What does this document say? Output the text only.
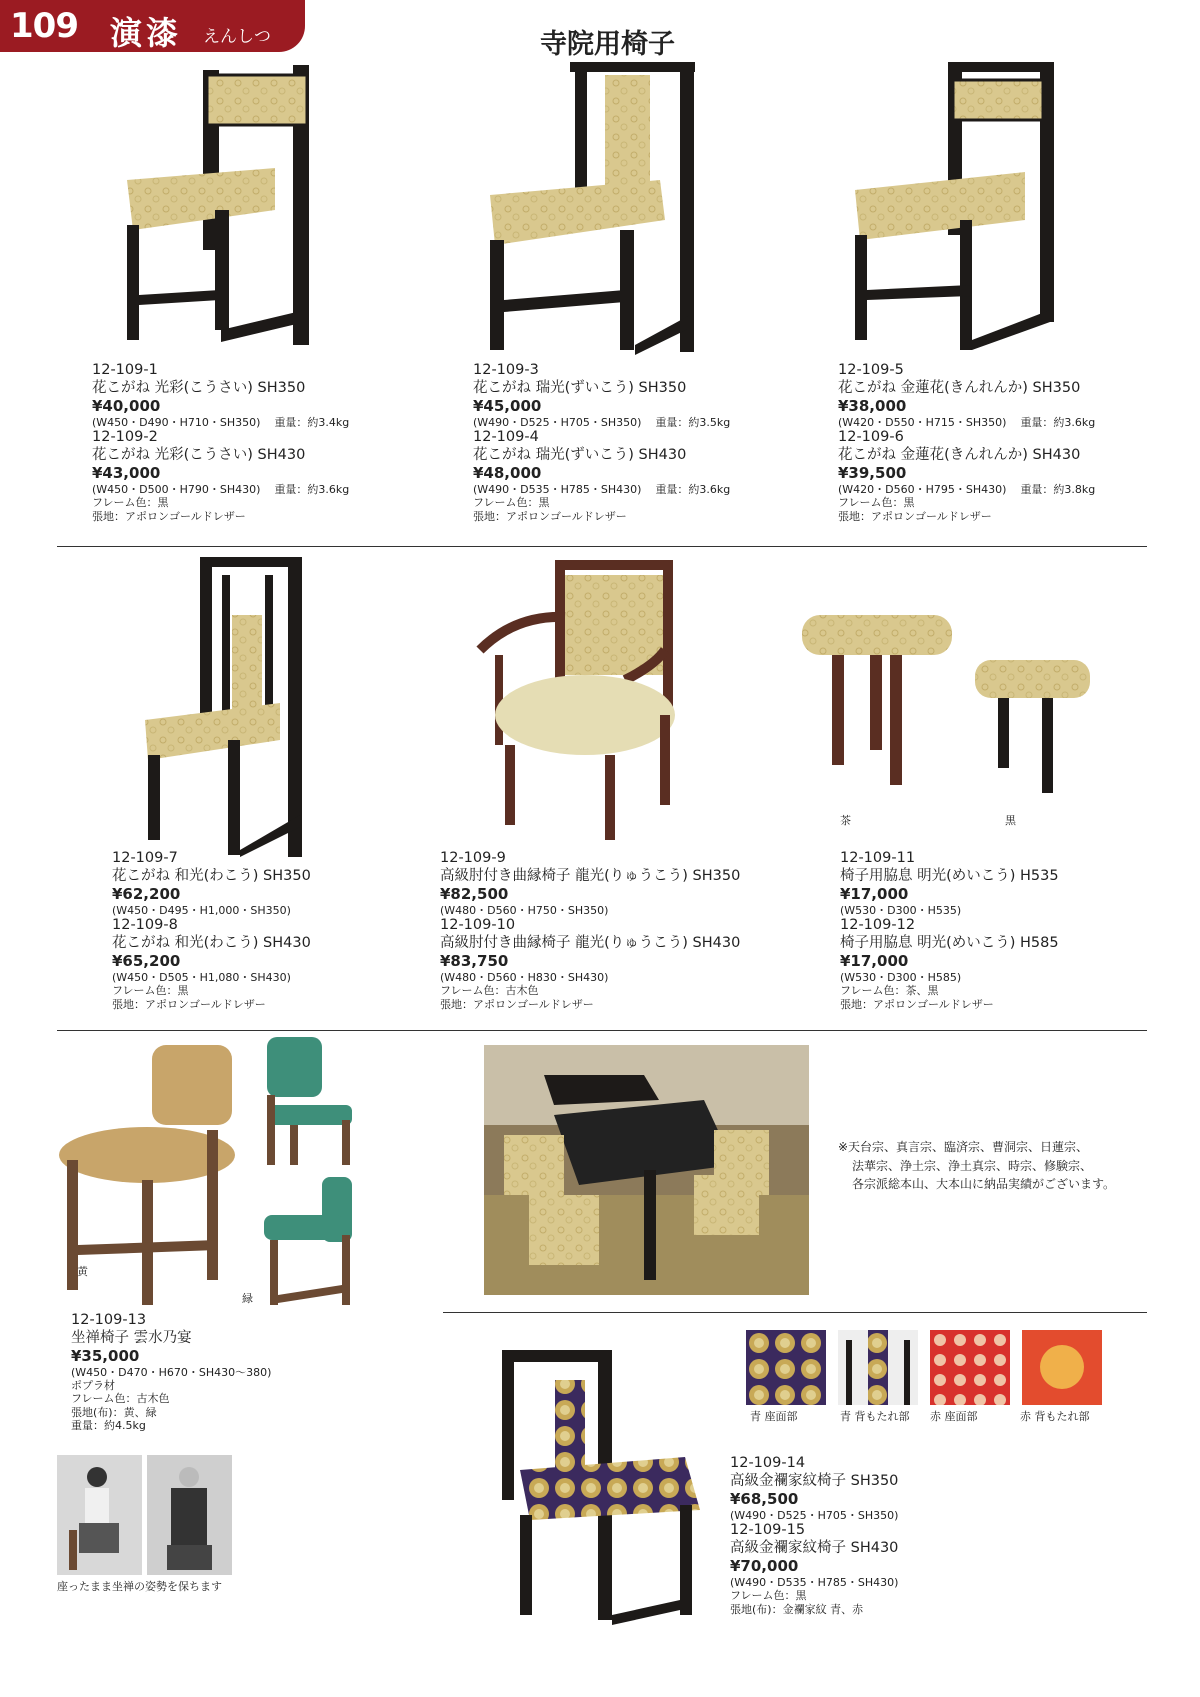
109 演漆 えんしつ	寺院用椅子
12-109-1
花こがね 光彩(こうさい) SH350
¥40,000
(W450・D490・H710・SH350) 重量：約3.4kg
12-109-2
花こがね 光彩(こうさい) SH430
¥43,000
(W450・D500・H790・SH430) 重量：約3.6kg
フレーム色：黒
張地：アポロンゴールドレザー
12-109-3
花こがね 瑞光(ずいこう) SH350
¥45,000
(W490・D525・H705・SH350) 重量：約3.5kg
12-109-4
花こがね 瑞光(ずいこう) SH430
¥48,000
(W490・D535・H785・SH430) 重量：約3.6kg
フレーム色：黒
張地：アポロンゴールドレザー
12-109-5
花こがね 金蓮花(きんれんか) SH350
¥38,000
(W420・D550・H715・SH350) 重量：約3.6kg
12-109-6
花こがね 金蓮花(きんれんか) SH430
¥39,500
(W420・D560・H795・SH430) 重量：約3.8kg
フレーム色：黒
張地：アポロンゴールドレザー
茶	黒
12-109-7
花こがね 和光(わこう) SH350
¥62,200
(W450・D495・H1,000・SH350)
12-109-8
花こがね 和光(わこう) SH430
¥65,200
(W450・D505・H1,080・SH430)
フレーム色：黒
張地：アポロンゴールドレザー
12-109-9
高級肘付き曲縁椅子 龍光(りゅうこう) SH350
¥82,500
(W480・D560・H750・SH350)
12-109-10
高級肘付き曲縁椅子 龍光(りゅうこう) SH430
¥83,750
(W480・D560・H830・SH430)
フレーム色：古木色
張地：アポロンゴールドレザー
12-109-11
椅子用脇息 明光(めいこう) H535
¥17,000
(W530・D300・H535)
12-109-12
椅子用脇息 明光(めいこう) H585
¥17,000
(W530・D300・H585)
フレーム色：茶、黒
張地：アポロンゴールドレザー
黄
緑
12-109-13
坐禅椅子 雲水乃宴
¥35,000
(W450・D470・H670・SH430〜380)
ポプラ材
フレーム色：古木色
張地(布)：黄、緑
重量：約4.5kg
座ったまま坐禅の姿勢を保ちます
※天台宗、真言宗、臨済宗、曹洞宗、日蓮宗、
法華宗、浄土宗、浄土真宗、時宗、修験宗、
各宗派総本山、大本山に納品実績がございます。
青 座面部	青 背もたれ部 赤 座面部	赤 背もたれ部
12-109-14
高級金襴家紋椅子 SH350
¥68,500
(W490・D525・H705・SH350)
12-109-15
高級金襴家紋椅子 SH430
¥70,000
(W490・D535・H785・SH430)
フレーム色：黒
張地(布)：金襴家紋 青、赤
